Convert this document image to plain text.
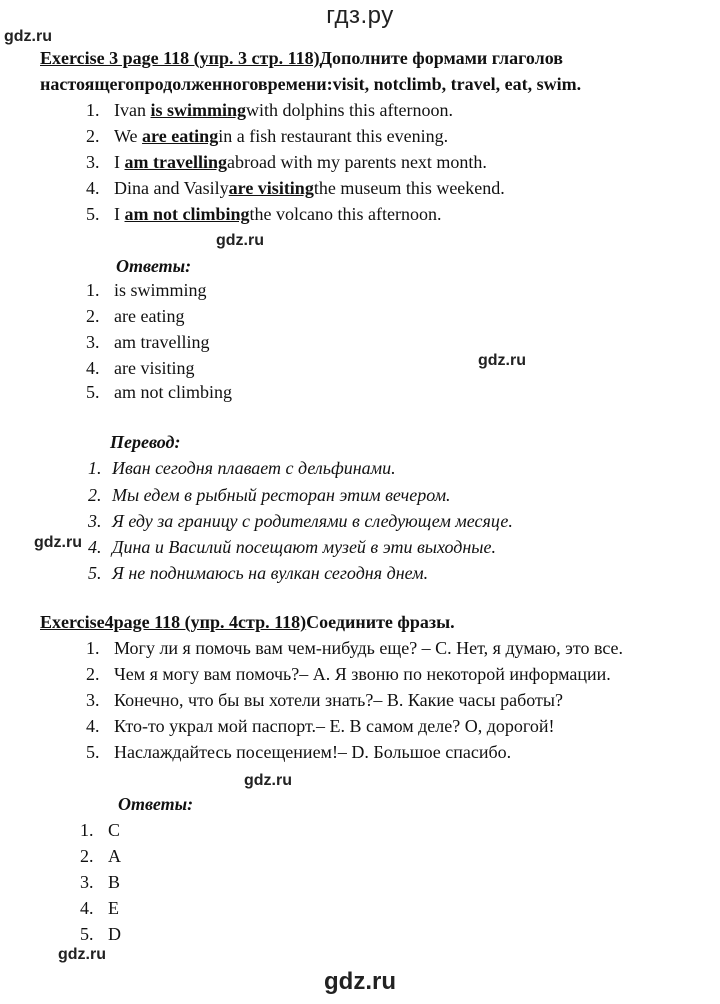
гдз.ру
gdz.ru
Exercise 3 page 118 (упр. 3 стр. 118)Дополните формами глаголов
настоящегопродолженноговремени:visit, notclimb, travel, eat, swim.
1. Ivan is swimmingwith dolphins this afternoon.
2. We are eatingin a fish restaurant this evening.
3. I am travellingabroad with my parents next month.
4. Dina and Vasilyare visitingthe museum this weekend.
5. I am not climbingthe volcano this afternoon.
gdz.ru
Ответы:
1. is swimming
2. are eating
3. am travelling
4. are visiting
5. am not climbing
gdz.ru
Перевод:
1. Иван сегодня плавает с дельфинами.
2. Мы едем в рыбный ресторан этим вечером.
3. Я еду за границу с родителями в следующем месяце.
4. Дина и Василий посещают музей в эти выходные.
5. Я не поднимаюсь на вулкан сегодня днем.
gdz.ru
Exercise4page 118 (упр. 4стр. 118)Соедините фразы.
1. Могу ли я помочь вам чем-нибудь еще? – С. Нет, я думаю, это все.
2. Чем я могу вам помочь?– А. Я звоню по некоторой информации.
3. Конечно, что бы вы хотели знать?– В. Какие часы работы?
4. Кто-то украл мой паспорт.– Е. В самом деле? О, дорогой!
5. Наслаждайтесь посещением!– D. Большое спасибо.
gdz.ru
Ответы:
1. C
2. A
3. B
4. E
5. D
gdz.ru
gdz.ru
